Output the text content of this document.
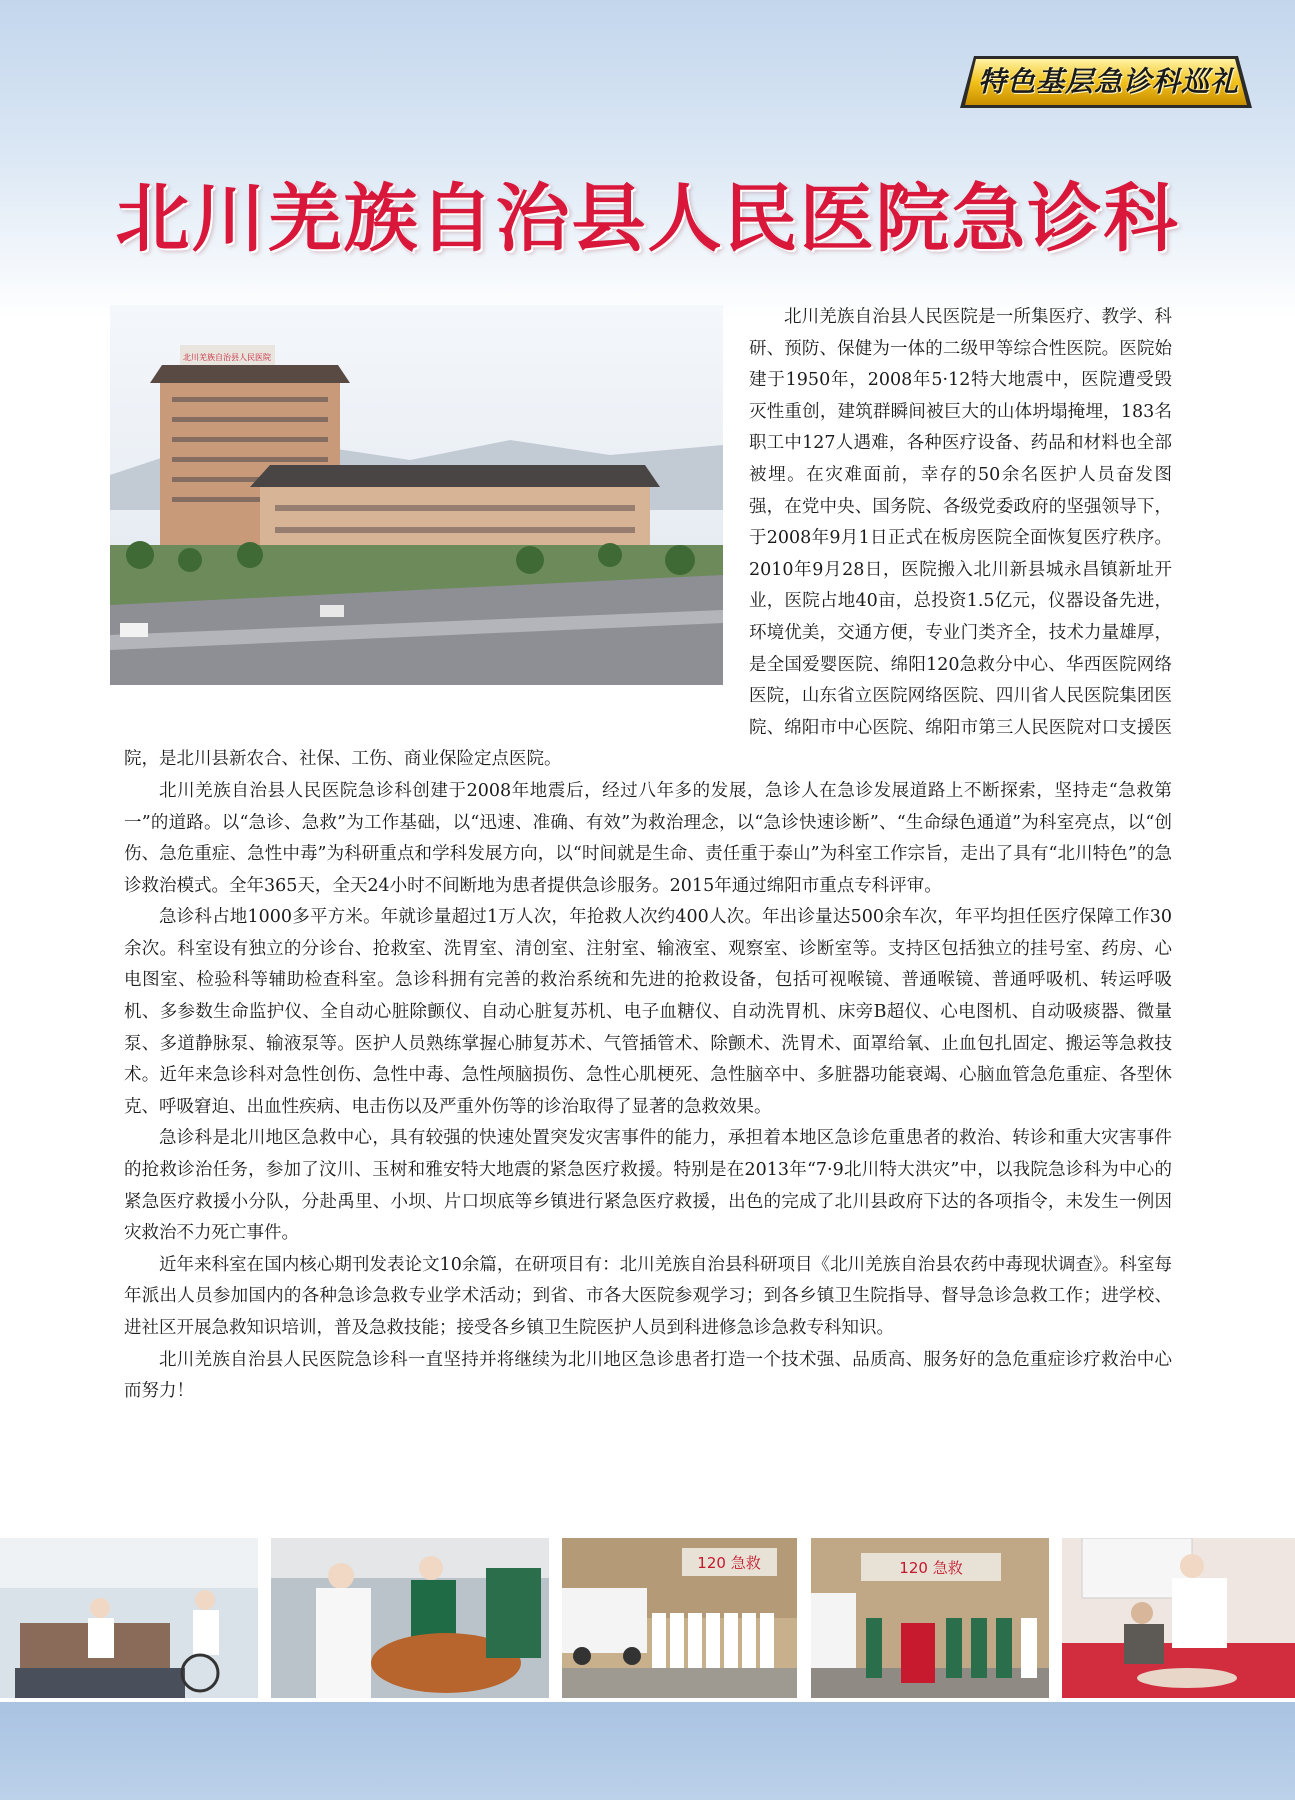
特色基层急诊科巡礼
北川羌族自治县人民医院急诊科
北川羌族自治县人民医院

北川羌族自治县人民医院是一所集医疗、教学、科研、预防、保健为一体的二级甲等综合性医院。医院始建于1950年，2008年5·12特大地震中，医院遭受毁灭性重创，建筑群瞬间被巨大的山体坍塌掩埋，183名职工中127人遇难，各种医疗设备、药品和材料也全部被埋。在灾难面前，幸存的50余名医护人员奋发图强，在党中央、国务院、各级党委政府的坚强领导下，于2008年9月1日正式在板房医院全面恢复医疗秩序。2010年9月28日，医院搬入北川新县城永昌镇新址开业，医院占地40亩，总投资1.5亿元，仪器设备先进，环境优美，交通方便，专业门类齐全，技术力量雄厚，是全国爱婴医院、绵阳120急救分中心、华西医院网络医院，山东省立医院网络医院、四川省人民医院集团医院、绵阳市中心医院、绵阳市第三人民医院对口支援医院，是北川县新农合、社保、工伤、商业保险定点医院。

北川羌族自治县人民医院急诊科创建于2008年地震后，经过八年多的发展，急诊人在急诊发展道路上不断探索，坚持走“急救第一”的道路。以“急诊、急救”为工作基础，以“迅速、准确、有效”为救治理念，以“急诊快速诊断”、“生命绿色通道”为科室亮点，以“创伤、急危重症、急性中毒”为科研重点和学科发展方向，以“时间就是生命、责任重于泰山”为科室工作宗旨，走出了具有“北川特色”的急诊救治模式。全年365天，全天24小时不间断地为患者提供急诊服务。2015年通过绵阳市重点专科评审。

急诊科占地1000多平方米。年就诊量超过1万人次，年抢救人次约400人次。年出诊量达500余车次，年平均担任医疗保障工作30余次。科室设有独立的分诊台、抢救室、洗胃室、清创室、注射室、输液室、观察室、诊断室等。支持区包括独立的挂号室、药房、心电图室、检验科等辅助检查科室。急诊科拥有完善的救治系统和先进的抢救设备，包括可视喉镜、普通喉镜、普通呼吸机、转运呼吸机、多参数生命监护仪、全自动心脏除颤仪、自动心脏复苏机、电子血糖仪、自动洗胃机、床旁B超仪、心电图机、自动吸痰器、微量泵、多道静脉泵、输液泵等。医护人员熟练掌握心肺复苏术、气管插管术、除颤术、洗胃术、面罩给氧、止血包扎固定、搬运等急救技术。近年来急诊科对急性创伤、急性中毒、急性颅脑损伤、急性心肌梗死、急性脑卒中、多脏器功能衰竭、心脑血管急危重症、各型休克、呼吸窘迫、出血性疾病、电击伤以及严重外伤等的诊治取得了显著的急救效果。

急诊科是北川地区急救中心，具有较强的快速处置突发灾害事件的能力，承担着本地区急诊危重患者的救治、转诊和重大灾害事件的抢救诊治任务，参加了汶川、玉树和雅安特大地震的紧急医疗救援。特别是在2013年“7·9北川特大洪灾”中，以我院急诊科为中心的紧急医疗救援小分队，分赴禹里、小坝、片口坝底等乡镇进行紧急医疗救援，出色的完成了北川县政府下达的各项指令，未发生一例因灾救治不力死亡事件。

近年来科室在国内核心期刊发表论文10余篇，在研项目有：北川羌族自治县科研项目《北川羌族自治县农药中毒现状调查》。科室每年派出人员参加国内的各种急诊急救专业学术活动；到省、市各大医院参观学习；到各乡镇卫生院指导、督导急诊急救工作；进学校、进社区开展急救知识培训，普及急救技能；接受各乡镇卫生院医护人员到科进修急诊急救专科知识。

北川羌族自治县人民医院急诊科一直坚持并将继续为北川地区急诊患者打造一个技术强、品质高、服务好的急危重症诊疗救治中心而努力！

120 急救	120 急救
